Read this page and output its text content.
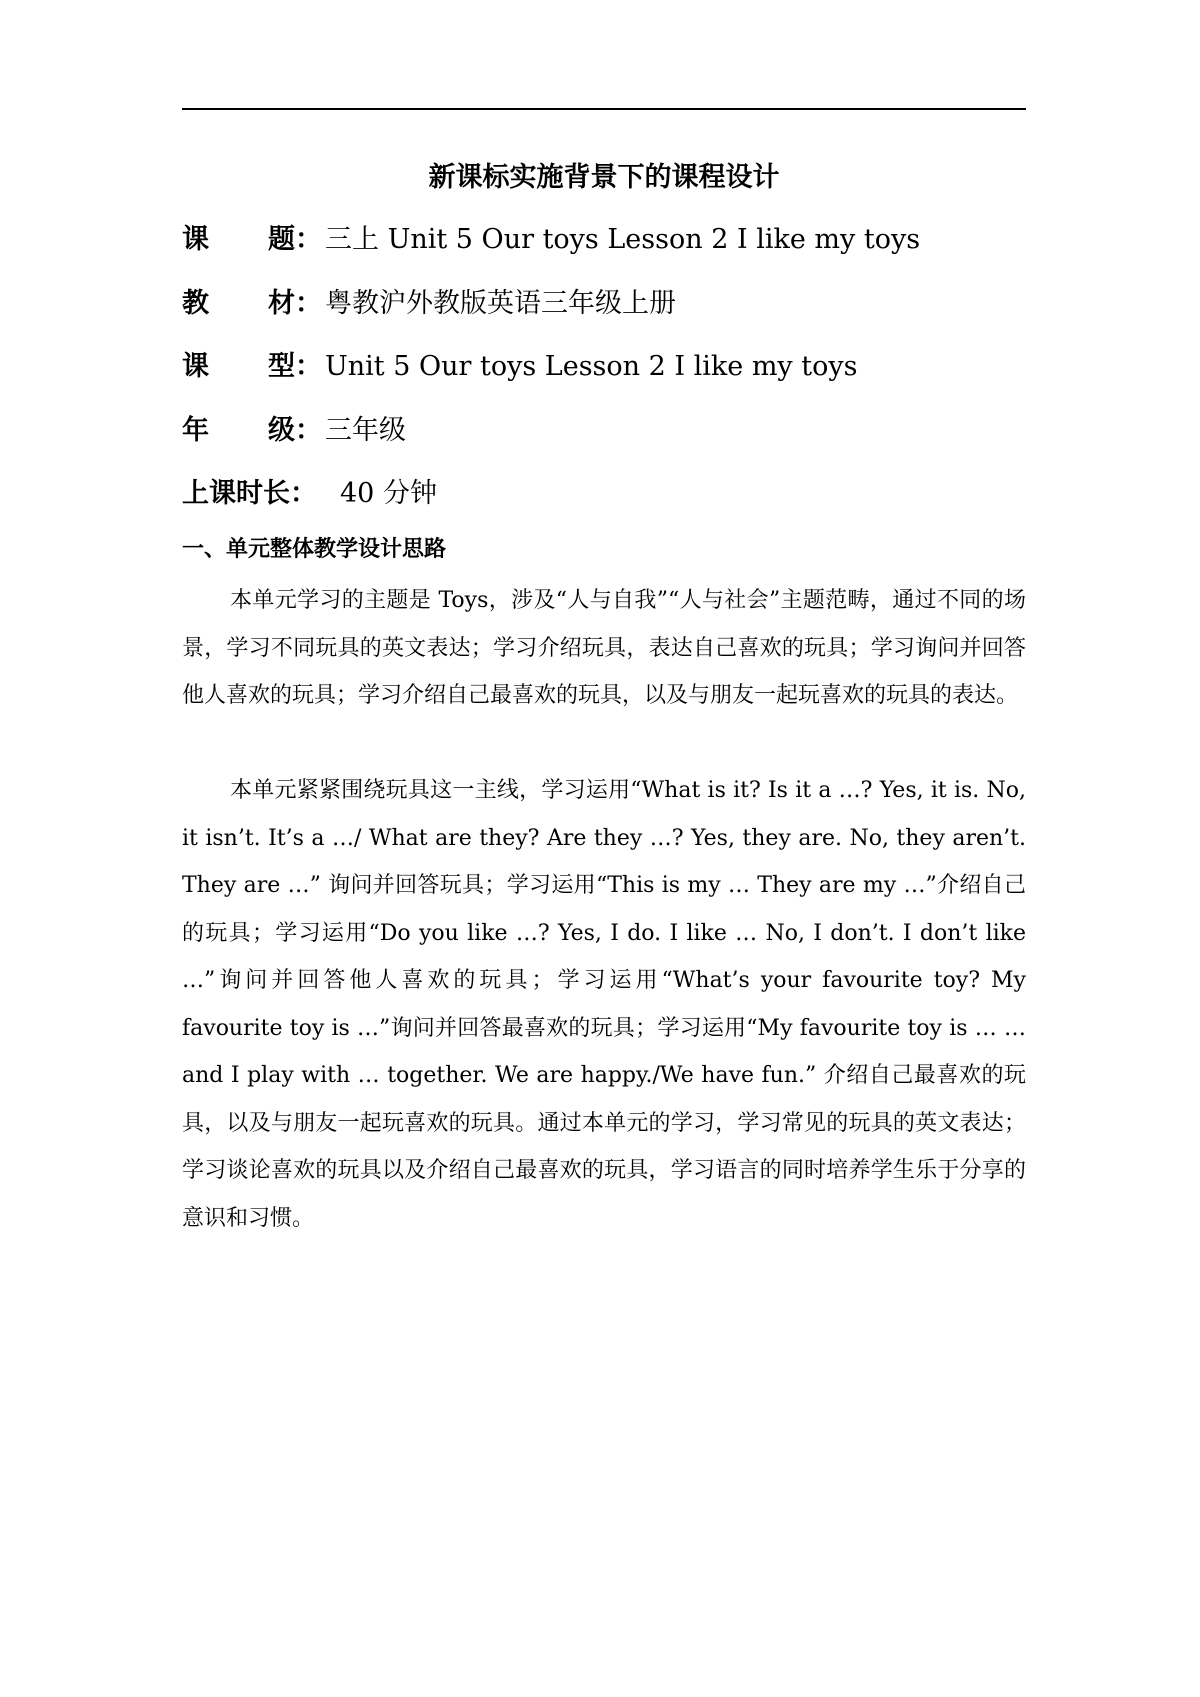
新课标实施背景下的课程设计
课 题 ： 三上 Unit 5 Our toys Lesson 2 I like my toys
教 材 ： 粤教沪外教版英语三年级上册
课 型 ： Unit 5 Our toys Lesson 2 I like my toys
年 级 ： 三年级
上课时长： 40 分钟
一、单元整体教学设计思路

本单元学习的主题是 Toys，涉及“人与自我”“人与社会”主题范畴，通过不同的场景，学习不同玩具的英文表达；学习介绍玩具，表达自己喜欢的玩具；学习询问并回答他人喜欢的玩具；学习介绍自己最喜欢的玩具，以及与朋友一起玩喜欢的玩具的表达。

本单元紧紧围绕玩具这一主线，学习运用“What is it? Is it a …? Yes, it is. No, it isn’t. It’s a …/ What are they? Are they …? Yes, they are. No, they aren’t. They are …” 询问并回答玩具；学习运用“This is my … They are my …”介绍自己的玩具；学习运用“Do you like …? Yes, I do. I like … No, I don’t. I don’t like …”询问并回答他人喜欢的玩具；学习运用“What’s your favourite toy? My favourite toy is …”询问并回答最喜欢的玩具；学习运用“My favourite toy is … … and I play with … together. We are happy./We have fun.” 介绍自己最喜欢的玩具，以及与朋友一起玩喜欢的玩具。通过本单元的学习，学习常见的玩具的英文表达；学习谈论喜欢的玩具以及介绍自己最喜欢的玩具，学习语言的同时培养学生乐于分享的意识和习惯。
